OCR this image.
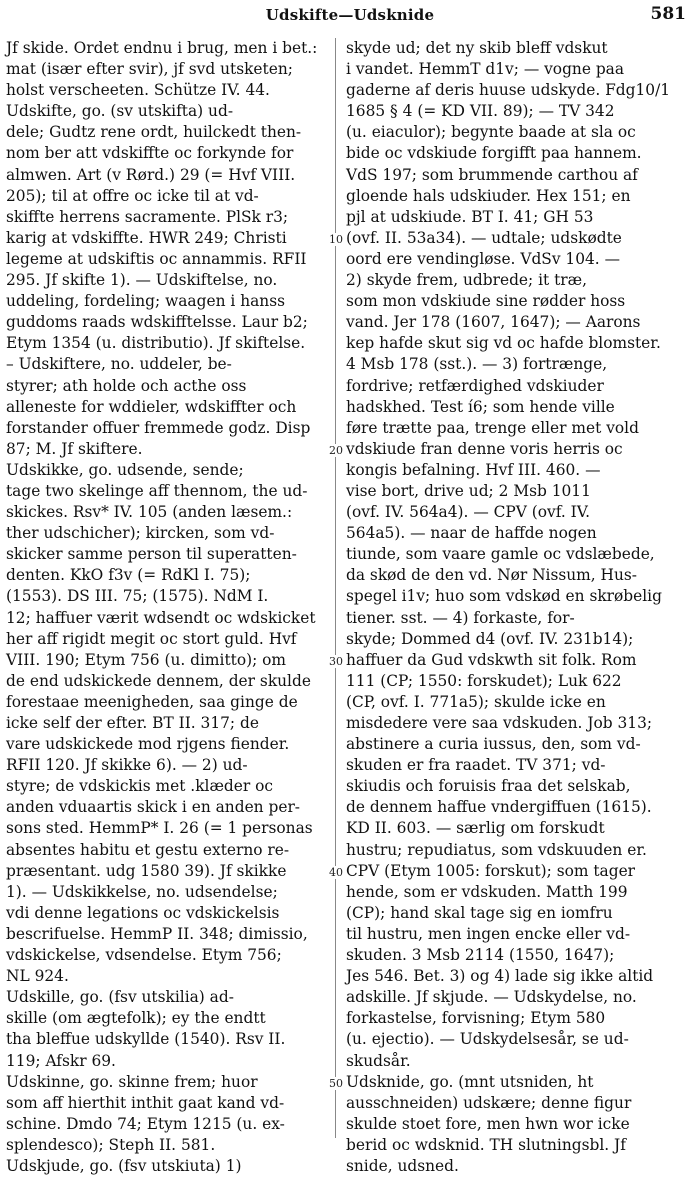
Udskifte—Udsknide	581
Jf skide. Ordet endnu i brug, men i bet.:
mat (især efter svir), jf svd utsketen;
holst verscheeten. Schütze IV. 44.
Udskifte, go. (sv utskifta) ud-
dele; Gudtz rene ordt, huilckedt then-
nom ber att vdskiffte oc forkynde for
almwen. Art (v Rørd.) 29 (= Hvf VIII.
205); til at offre oc icke til at vd-
skiffte herrens sacramente. PlSk r3;
karig at vdskiffte. HWR 249; Christi
legeme at udskiftis oc annammis. RFII
295. Jf skifte 1). — Udskiftelse, no.
uddeling, fordeling; waagen i hanss
guddoms raads wdskifftelsse. Laur b2;
Etym 1354 (u. distributio). Jf skiftelse.
– Udskiftere, no. uddeler, be-
styrer; ath holde och acthe oss
alleneste for wddieler, wdskiffter och
forstander offuer fremmede godz. Disp
87; M. Jf skiftere.
Udskikke, go. udsende, sende;
tage two skelinge aff thennom, the ud-
skickes. Rsv* IV. 105 (anden læsem.:
ther udschicher); kircken, som vd-
skicker samme person til superatten-
denten. KkO f3v (= RdKl I. 75);
(1553). DS III. 75; (1575). NdM I.
12; haffuer værit wdsendt oc wdskicket
her aff rigidt megit oc stort guld. Hvf
VIII. 190; Etym 756 (u. dimitto); om
de end udskickede dennem, der skulde
forestaae meenigheden, saa ginge de
icke self der efter. BT II. 317; de
vare udskickede mod rjgens fiender.
RFII 120. Jf skikke 6). — 2) ud-
styre; de vdskickis met .klæder oc
anden vduaartis skick i en anden per-
sons sted. HemmP* I. 26 (= 1 personas
absentes habitu et gestu externo re-
præsentant. udg 1580 39). Jf skikke
1). — Udskikkelse, no. udsendelse;
vdi denne legations oc vdskickelsis
bescrifuelse. HemmP II. 348; dimissio,
vdskickelse, vdsendelse. Etym 756;
NL 924.
Udskille, go. (fsv utskilia) ad-
skille (om ægtefolk); ey the endtt
tha bleffue udskyllde (1540). Rsv II.
119; Afskr 69.
Udskinne, go. skinne frem; huor
som aff hierthit inthit gaat kand vd-
schine. Dmdo 74; Etym 1215 (u. ex-
splendesco); Steph II. 581.
Udskjude, go. (fsv utskiuta) 1)
10
20
30
40
50
skyde ud; det ny skib bleff vdskut
i vandet. HemmT d1v; — vogne paa
gaderne af deris huuse udskyde. Fdg10/1
1685 § 4 (= KD VII. 89); — TV 342
(u. eiaculor); begynte baade at sla oc
bide oc vdskiude forgifft paa hannem.
VdS 197; som brummende carthou af
gloende hals udskiuder. Hex 151; en
pjl at udskiude. BT I. 41; GH 53
(ovf. II. 53a34). — udtale; udskødte
oord ere vendingløse. VdSv 104. —
2) skyde frem, udbrede; it træ,
som mon vdskiude sine rødder hoss
vand. Jer 178 (1607, 1647); — Aarons
kep hafde skut sig vd oc hafde blomster.
4 Msb 178 (sst.). — 3) fortrænge,
fordrive; retfærdighed vdskiuder
hadskhed. Test í6; som hende ville
føre trætte paa, trenge eller met vold
vdskiude fran denne voris herris oc
kongis befalning. Hvf III. 460. —
vise bort, drive ud; 2 Msb 1011
(ovf. IV. 564a4). — CPV (ovf. IV.
564a5). — naar de haffde nogen
tiunde, som vaare gamle oc vdslæbede,
da skød de den vd. Nør Nissum, Hus-
spegel i1v; huo som vdskød en skrøbelig
tiener. sst. — 4) forkaste, for-
skyde; Dommed d4 (ovf. IV. 231b14);
haffuer da Gud vdskwth sit folk. Rom
111 (CP; 1550: forskudet); Luk 622
(CP, ovf. I. 771a5); skulde icke en
misdedere vere saa vdskuden. Job 313;
abstinere a curia iussus, den, som vd-
skuden er fra raadet. TV 371; vd-
skiudis och foruisis fraa det selskab,
de dennem haffue vndergiffuen (1615).
KD II. 603. — særlig om forskudt
hustru; repudiatus, som vdskuuden er.
CPV (Etym 1005: forskut); som tager
hende, som er vdskuden. Matth 199
(CP); hand skal tage sig en iomfru
til hustru, men ingen encke eller vd-
skuden. 3 Msb 2114 (1550, 1647);
Jes 546. Bet. 3) og 4) lade sig ikke altid
adskille. Jf skjude. — Udskydelse, no.
forkastelse, forvisning; Etym 580
(u. ejectio). — Udskydelsesår, se ud-
skudsår.
Udsknide, go. (mnt utsniden, ht
ausschneiden) udskære; denne figur
skulde stoet fore, men hwn wor icke
berid oc wdsknid. TH slutningsbl. Jf
snide, udsned.
